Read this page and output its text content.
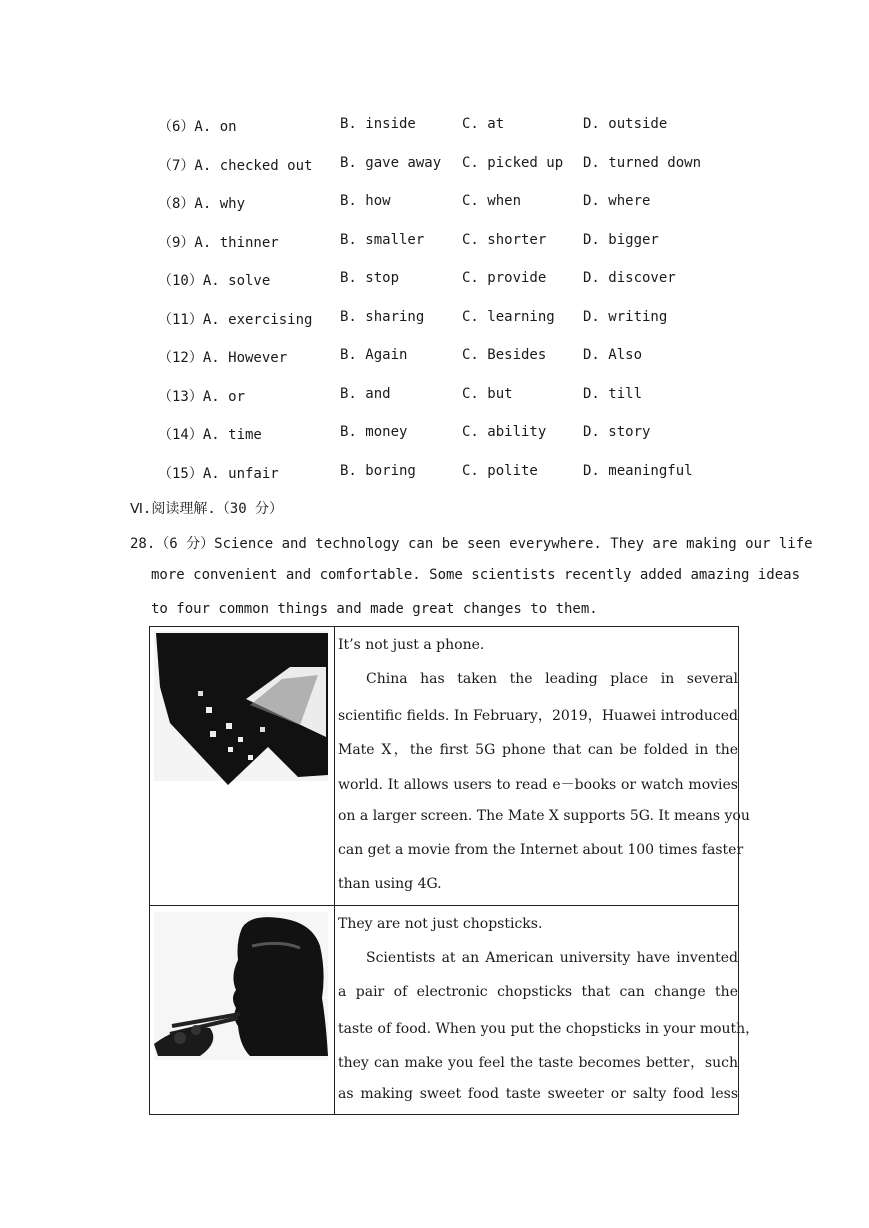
（6）A. on	B. inside	C. at	D. outside
（7）A. checked out B. gave away C. picked up D. turned down
（8）A. why	B. how	C. when	D. where
（9）A. thinner	B. smaller	C. shorter	D. bigger
（10）A. solve	B. stop	C. provide	D. discover
（11）A. exercising B. sharing	C. learning D. writing
（12）A. However	B. Again	C. Besides	D. Also
（13）A. or	B. and	C. but	D. till
（14）A. time	B. money	C. ability	D. story
（15）A. unfair	B. boring	C. polite	D. meaningful
Ⅵ.阅读理解.（30 分）
28.（6 分）Science and technology can be seen everywhere. They are making our life
more convenient and comfortable. Some scientists recently added amazing ideas
to four common things and made great changes to them.
It’s not just a phone.
China has taken the leading place in several
scientific fields. In February，2019，Huawei introduced
Mate X，the first 5G phone that can be folded in the
world. It allows users to read e－books or watch movies
on a larger screen. The Mate X supports 5G. It means you
can get a movie from the Internet about 100 times faster
than using 4G.
They are not just chopsticks.
Scientists at an American university have invented
a pair of electronic chopsticks that can change the
taste of food. When you put the chopsticks in your mouth，
they can make you feel the taste becomes better，such
as making sweet food taste sweeter or salty food less
